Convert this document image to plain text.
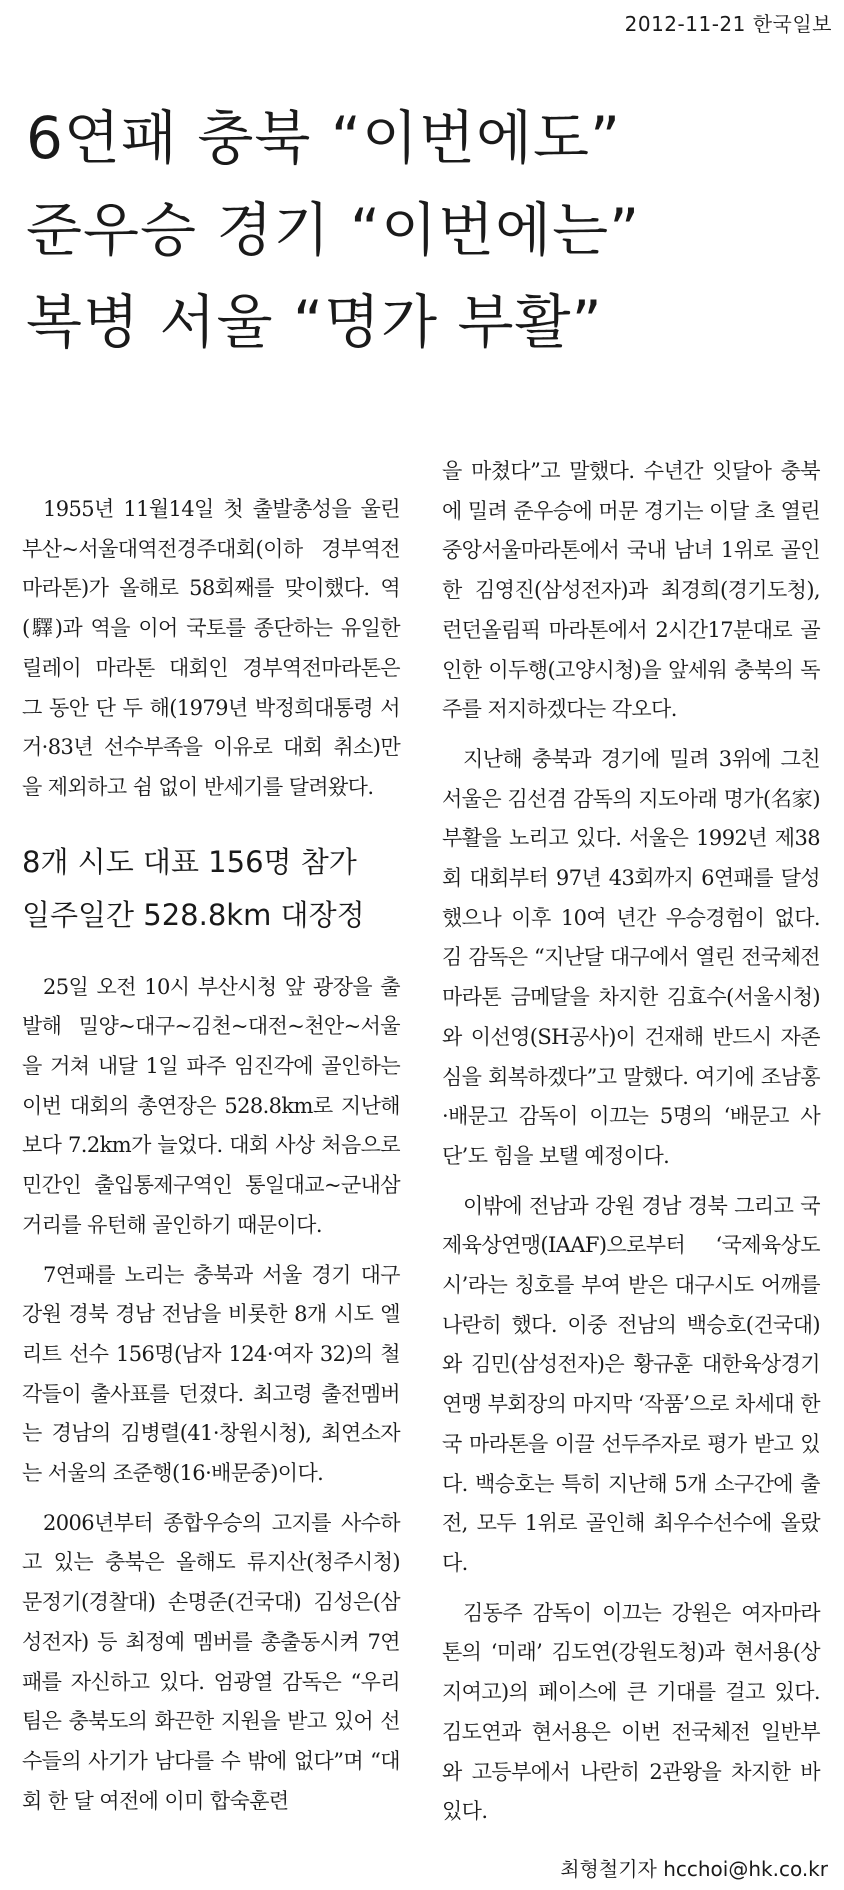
2012-11-21 한국일보
6연패 충북 “이번에도”
준우승 경기 “이번에는”
복병 서울 “명가 부활”

1955년 11월14일 첫 출발총성을 울린 부산~서울대역전경주대회(이하 경부역전마라톤)가 올해로 58회째를 맞이했다. 역(驛)과 역을 이어 국토를 종단하는 유일한 릴레이 마라톤 대회인 경부역전마라톤은 그 동안 단 두 해(1979년 박정희대통령 서거·83년 선수부족을 이유로 대회 취소)만을 제외하고 쉼 없이 반세기를 달려왔다.

8개 시도 대표 156명 참가
일주일간 528.8km 대장정

25일 오전 10시 부산시청 앞 광장을 출발해 밀양~대구~김천~대전~천안~서울을 거쳐 내달 1일 파주 임진각에 골인하는 이번 대회의 총연장은 528.8km로 지난해보다 7.2km가 늘었다. 대회 사상 처음으로 민간인 출입통제구역인 통일대교~군내삼거리를 유턴해 골인하기 때문이다.

7연패를 노리는 충북과 서울 경기 대구 강원 경북 경남 전남을 비롯한 8개 시도 엘리트 선수 156명(남자 124·여자 32)의 철각들이 출사표를 던졌다. 최고령 출전멤버는 경남의 김병렬(41·창원시청), 최연소자는 서울의 조준행(16·배문중)이다.

2006년부터 종합우승의 고지를 사수하고 있는 충북은 올해도 류지산(청주시청) 문정기(경찰대) 손명준(건국대) 김성은(삼성전자) 등 최정예 멤버를 총출동시켜 7연패를 자신하고 있다. 엄광열 감독은 “우리 팀은 충북도의 화끈한 지원을 받고 있어 선수들의 사기가 남다를 수 밖에 없다”며 “대회 한 달 여전에 이미 합숙훈련

을 마쳤다”고 말했다. 수년간 잇달아 충북에 밀려 준우승에 머문 경기는 이달 초 열린 중앙서울마라톤에서 국내 남녀 1위로 골인한 김영진(삼성전자)과 최경희(경기도청), 런던올림픽 마라톤에서 2시간17분대로 골인한 이두행(고양시청)을 앞세워 충북의 독주를 저지하겠다는 각오다.

지난해 충북과 경기에 밀려 3위에 그친 서울은 김선겸 감독의 지도아래 명가(名家)부활을 노리고 있다. 서울은 1992년 제38회 대회부터 97년 43회까지 6연패를 달성했으나 이후 10여 년간 우승경험이 없다. 김 감독은 “지난달 대구에서 열린 전국체전 마라톤 금메달을 차지한 김효수(서울시청)와 이선영(SH공사)이 건재해 반드시 자존심을 회복하겠다”고 말했다. 여기에 조남홍·배문고 감독이 이끄는 5명의 ‘배문고 사단’도 힘을 보탤 예정이다.

이밖에 전남과 강원 경남 경북 그리고 국제육상연맹(IAAF)으로부터 ‘국제육상도시’라는 칭호를 부여 받은 대구시도 어깨를 나란히 했다. 이중 전남의 백승호(건국대)와 김민(삼성전자)은 황규훈 대한육상경기연맹 부회장의 마지막 ‘작품’으로 차세대 한국 마라톤을 이끌 선두주자로 평가 받고 있다. 백승호는 특히 지난해 5개 소구간에 출전, 모두 1위로 골인해 최우수선수에 올랐다.

김동주 감독이 이끄는 강원은 여자마라톤의 ‘미래’ 김도연(강원도청)과 현서용(상지여고)의 페이스에 큰 기대를 걸고 있다. 김도연과 현서용은 이번 전국체전 일반부와 고등부에서 나란히 2관왕을 차지한 바 있다.

최형철기자 hcchoi@hk.co.kr
